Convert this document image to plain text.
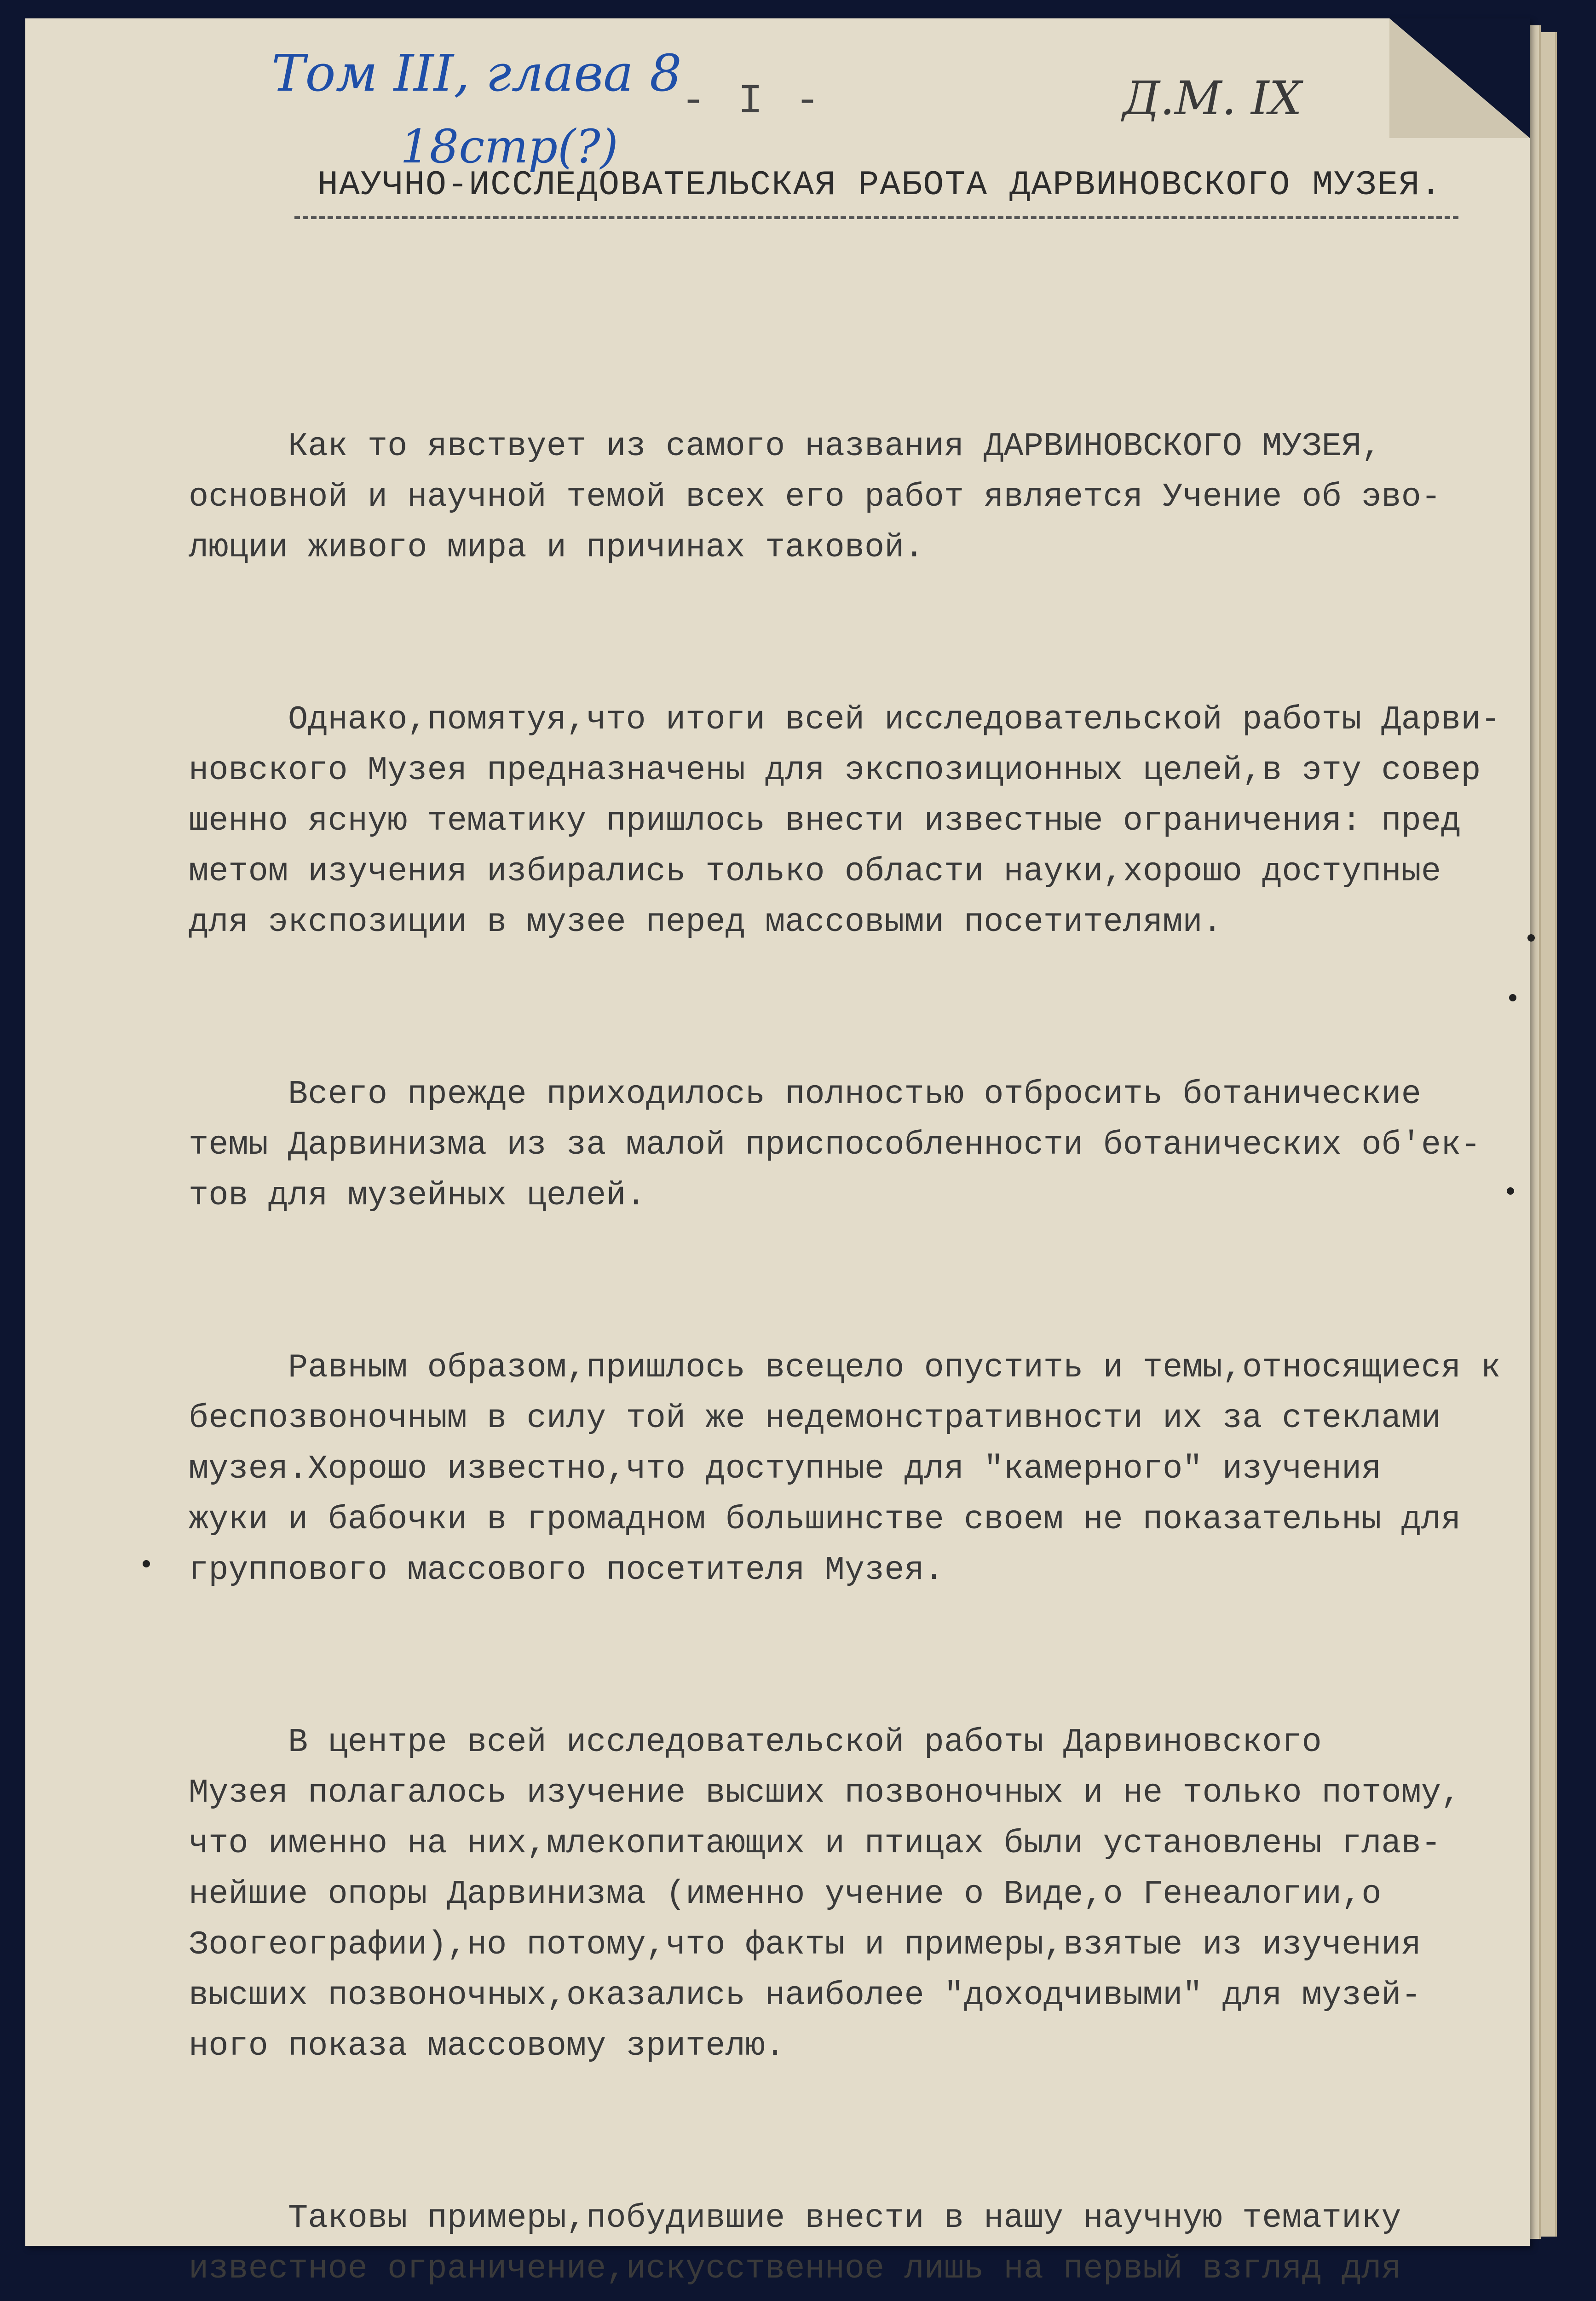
Том III, глава 8
18стр(?)
Д.М. IX
- I -
НАУЧНО-ИССЛЕДОВАТЕЛЬСКАЯ РАБОТА ДАРВИНОВСКОГО МУЗЕЯ.

Как то явствует из самого названия ДАРВИНОВСКОГО МУЗЕЯ,
основной и научной темой всех его работ является Учение об эво-
люции живого мира и причинах таковой.

Однако,помятуя,что итоги всей исследовательской работы Дарви-
новского Музея предназначены для экспозиционных целей,в эту совер
шенно ясную тематику пришлось внести известные ограничения: пред
метом изучения избирались только области науки,хорошо доступные
для экспозиции в музее перед массовыми посетителями.

Всего прежде приходилось полностью отбросить ботанические
темы Дарвинизма из за малой приспособленности ботанических об'ек-
тов для музейных целей.

Равным образом,пришлось всецело опустить и темы,относящиеся к
беспозвоночным в силу той же недемонстративности их за стеклами
музея.Хорошо известно,что доступные для "камерного" изучения
жуки и бабочки в громадном большинстве своем не показательны для
группового массового посетителя Музея.

В центре всей исследовательской работы Дарвиновского
Музея полагалось изучение высших позвоночных и не только потому,
что именно на них,млекопитающих и птицах были установлены глав-
нейшие опоры Дарвинизма (именно учение о Виде,о Генеалогии,о
Зоогеографии),но потому,что факты и примеры,взятые из изучения
высших позвоночных,оказались наиболее "доходчивыми" для музей-
ного показа массовому зрителю.

Таковы примеры,побудившие внести в нашу научную тематику
известное ограничение,искусственное лишь на первый взгляд для
